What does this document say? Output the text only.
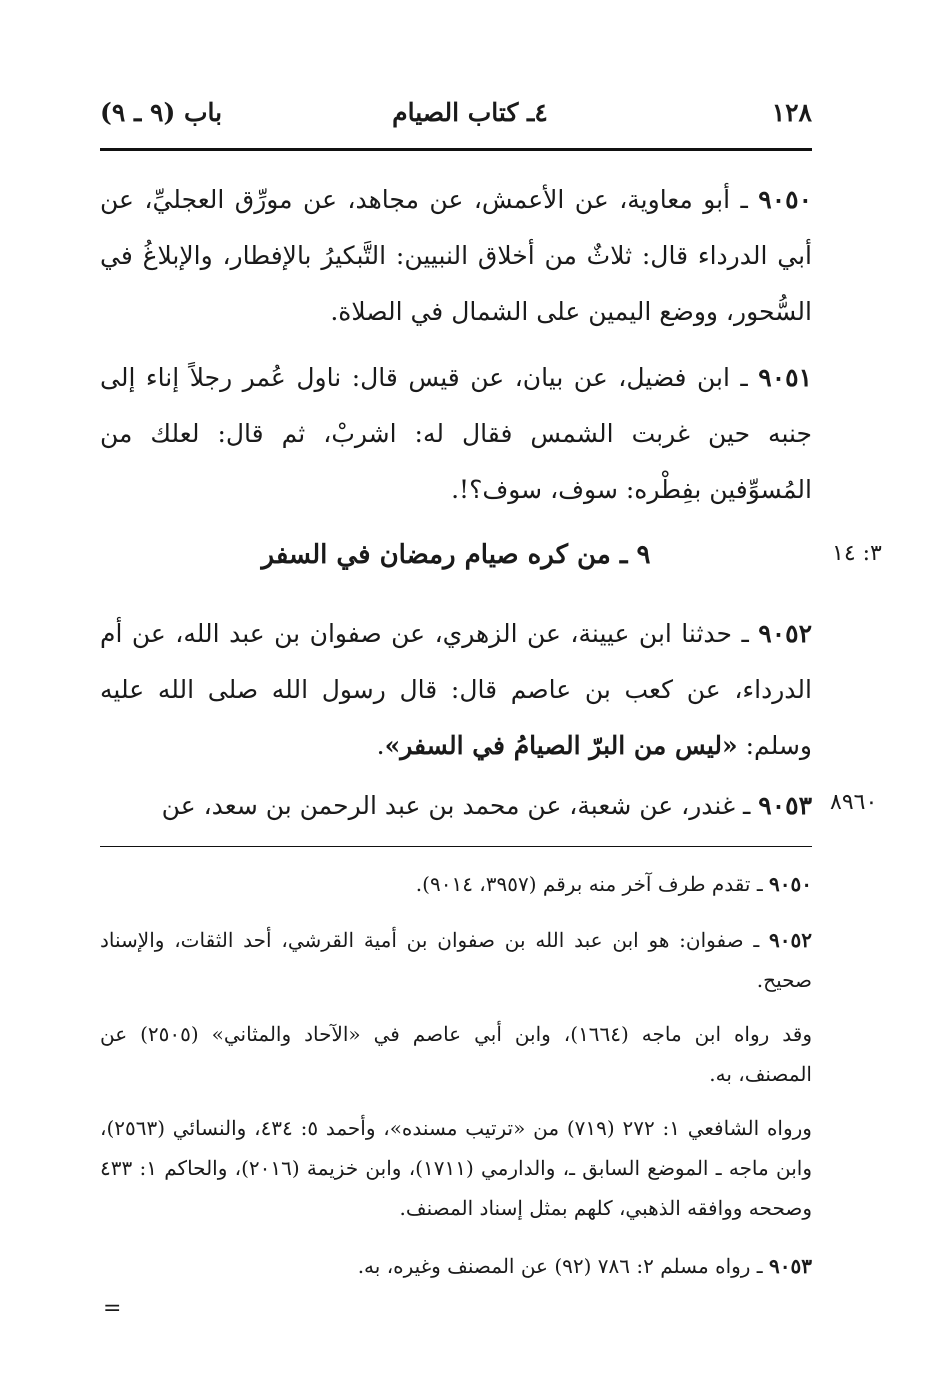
باب (٩ ـ ٩)	٤ـ كتاب الصيام	١٢٨
٩٠٥٠ ـ أبو معاوية، عن الأعمش، عن مجاهد، عن مورِّق العجليِّ، عن أبي الدرداء قال: ثلاثٌ من أخلاق النبيين: التَّبكيرُ بالإفطار، والإبلاغُ في السُّحور، ووضع اليمين على الشمال في الصلاة.
٩٠٥١ ـ ابن فضيل، عن بيان، عن قيس قال: ناول عُمر رجلاً إناء إلى جنبه حين غربت الشمس فقال له: اشربْ، ثم قال: لعلك من المُسوِّفين بفِطْره: سوف، سوف؟!.
٩ ـ من كره صيام رمضان في السفر	٣: ١٤
٩٠٥٢ ـ حدثنا ابن عيينة، عن الزهري، عن صفوان بن عبد الله، عن أم الدرداء، عن كعب بن عاصم قال: قال رسول الله صلى الله عليه وسلم: «ليس من البرّ الصيامُ في السفر».
٩٠٥٣ ـ غندر، عن شعبة، عن محمد بن عبد الرحمن بن سعد، عن	٨٩٦٠
٩٠٥٠ ـ تقدم طرف آخر منه برقم (٣٩٥٧، ٩٠١٤).
٩٠٥٢ ـ صفوان: هو ابن عبد الله بن صفوان بن أمية القرشي، أحد الثقات، والإسناد صحيح.
وقد رواه ابن ماجه (١٦٦٤)، وابن أبي عاصم في «الآحاد والمثاني» (٢٥٠٥) عن المصنف، به.
ورواه الشافعي ١: ٢٧٢ (٧١٩) من «ترتيب مسنده»، وأحمد ٥: ٤٣٤، والنسائي (٢٥٦٣)، وابن ماجه ـ الموضع السابق ـ، والدارمي (١٧١١)، وابن خزيمة (٢٠١٦)، والحاكم ١: ٤٣٣ وصححه ووافقه الذهبي، كلهم بمثل إسناد المصنف.
٩٠٥٣ ـ رواه مسلم ٢: ٧٨٦ (٩٢) عن المصنف وغيره، به.
=
